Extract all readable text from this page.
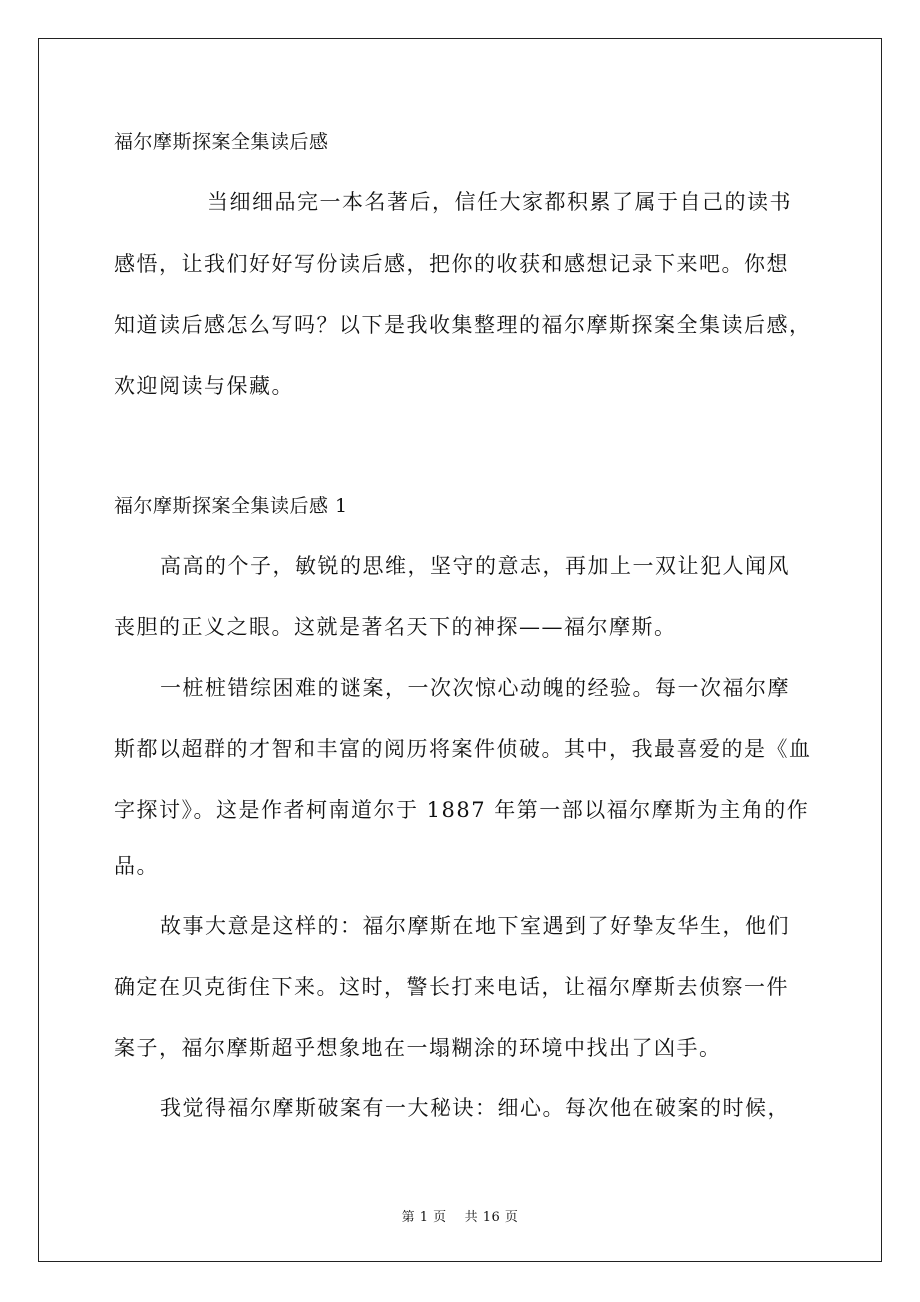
福尔摩斯探案全集读后感
当细细品完一本名著后，信任大家都积累了属于自己的读书
感悟，让我们好好写份读后感，把你的收获和感想记录下来吧。你想
知道读后感怎么写吗？以下是我收集整理的福尔摩斯探案全集读后感，
欢迎阅读与保藏。
福尔摩斯探案全集读后感 1
高高的个子，敏锐的思维，坚守的意志，再加上一双让犯人闻风
丧胆的正义之眼。这就是著名天下的神探——福尔摩斯。
一桩桩错综困难的谜案，一次次惊心动魄的经验。每一次福尔摩
斯都以超群的才智和丰富的阅历将案件侦破。其中，我最喜爱的是《血
字探讨》。这是作者柯南道尔于 1887 年第一部以福尔摩斯为主角的作
品。
故事大意是这样的：福尔摩斯在地下室遇到了好挚友华生，他们
确定在贝克街住下来。这时，警长打来电话，让福尔摩斯去侦察一件
案子，福尔摩斯超乎想象地在一塌糊涂的环境中找出了凶手。
我觉得福尔摩斯破案有一大秘诀：细心。每次他在破案的时候，
第 1 页 共 16 页
